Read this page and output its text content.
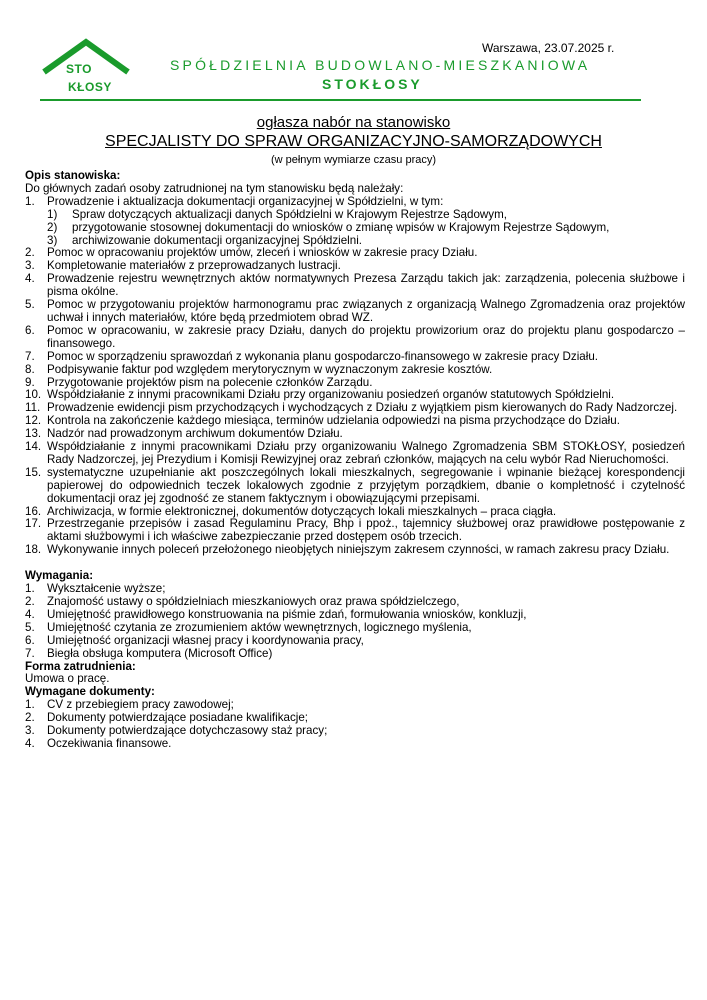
STO
KŁOSY
Warszawa, 23.07.2025 r.
SPÓŁDZIELNIA BUDOWLANO-MIESZKANIOWA
STOKŁOSY
ogłasza nabór na stanowisko
SPECJALISTY DO SPRAW ORGANIZACYJNO-SAMORZĄDOWYCH
(w pełnym wymiarze czasu pracy)
Opis stanowiska:
Do głównych zadań osoby zatrudnionej na tym stanowisku będą należały:
1.	Prowadzenie i aktualizacja dokumentacji organizacyjnej w Spółdzielni, w tym:
1)	Spraw dotyczących aktualizacji danych Spółdzielni w Krajowym Rejestrze Sądowym,
2)	przygotowanie stosownej dokumentacji do wniosków o zmianę wpisów w Krajowym Rejestrze Sądowym,
3)	archiwizowanie dokumentacji organizacyjnej Spółdzielni.
2.	Pomoc w opracowaniu projektów umów, zleceń i wniosków w zakresie pracy Działu.
3.	Kompletowanie materiałów z przeprowadzanych lustracji.
4.	Prowadzenie rejestru wewnętrznych aktów normatywnych Prezesa Zarządu takich jak: zarządzenia, polecenia służbowe i pisma okólne.
5.	Pomoc w przygotowaniu projektów harmonogramu prac związanych z organizacją Walnego Zgromadzenia oraz projektów uchwał i innych materiałów, które będą przedmiotem obrad WZ.
6.	Pomoc w opracowaniu, w zakresie pracy Działu, danych do projektu prowizorium oraz do projektu planu gospodarczo – finansowego.
7.	Pomoc w sporządzeniu sprawozdań z wykonania planu gospodarczo-finansowego w zakresie pracy Działu.
8.	Podpisywanie faktur pod względem merytorycznym w wyznaczonym zakresie kosztów.
9.	Przygotowanie projektów pism na polecenie członków Zarządu.
10. Współdziałanie z innymi pracownikami Działu przy organizowaniu posiedzeń organów statutowych Spółdzielni.
11. Prowadzenie ewidencji pism przychodzących i wychodzących z Działu z wyjątkiem pism kierowanych do Rady Nadzorczej.
12. Kontrola na zakończenie każdego miesiąca, terminów udzielania odpowiedzi na pisma przychodzące do Działu.
13. Nadzór nad prowadzonym archiwum dokumentów Działu.
14. Współdziałanie z innymi pracownikami Działu przy organizowaniu Walnego Zgromadzenia SBM STOKŁOSY, posiedzeń Rady Nadzorczej, jej Prezydium i Komisji Rewizyjnej oraz zebrań członków, mających na celu wybór Rad Nieruchomości.
15. systematyczne uzupełnianie akt poszczególnych lokali mieszkalnych, segregowanie i wpinanie bieżącej korespondencji papierowej do odpowiednich teczek lokalowych zgodnie z przyjętym porządkiem, dbanie o kompletność i czytelność dokumentacji oraz jej zgodność ze stanem faktycznym i obowiązującymi przepisami.
16. Archiwizacja, w formie elektronicznej, dokumentów dotyczących lokali mieszkalnych – praca ciągła.
17. Przestrzeganie przepisów i zasad Regulaminu Pracy, Bhp i ppoż., tajemnicy służbowej oraz prawidłowe postępowanie z aktami służbowymi i ich właściwe zabezpieczanie przed dostępem osób trzecich.
18. Wykonywanie innych poleceń przełożonego nieobjętych niniejszym zakresem czynności, w ramach zakresu pracy Działu.
Wymagania:
1.	Wykształcenie wyższe;
2.	Znajomość ustawy o spółdzielniach mieszkaniowych oraz prawa spółdzielczego,
4.	Umiejętność prawidłowego konstruowania na piśmie zdań, formułowania wniosków, konkluzji,
5.	Umiejętność czytania ze zrozumieniem aktów wewnętrznych, logicznego myślenia,
6.	Umiejętność organizacji własnej pracy i koordynowania pracy,
7.	Biegła obsługa komputera (Microsoft Office)
Forma zatrudnienia:
Umowa o pracę.
Wymagane dokumenty:
1.	CV z przebiegiem pracy zawodowej;
2.	Dokumenty potwierdzające posiadane kwalifikacje;
3.	Dokumenty potwierdzające dotychczasowy staż pracy;
4.	Oczekiwania finansowe.
